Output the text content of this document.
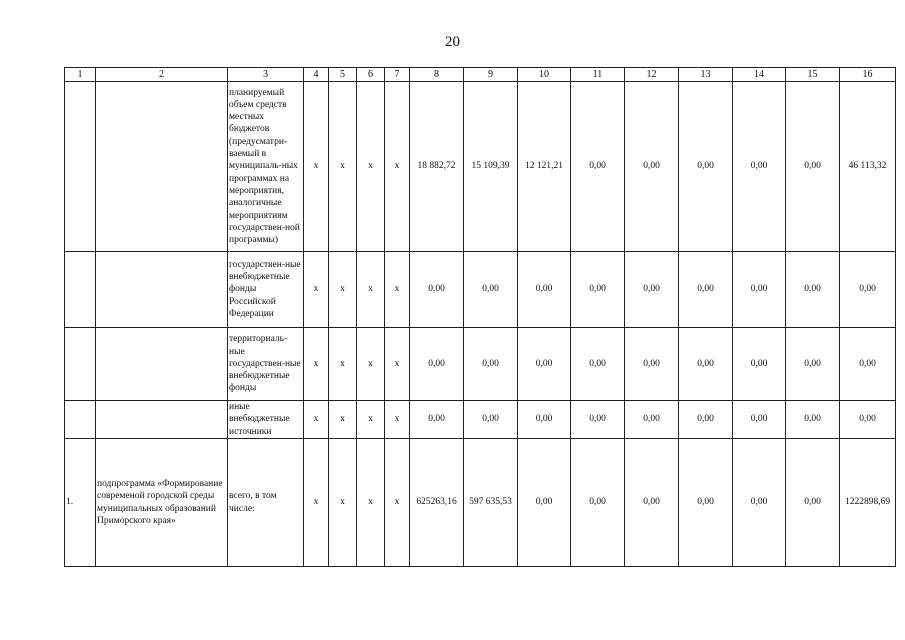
20
1	2	3	4	5	6	7	8	9	10	11	12	13	14	15	16
		планируемый объем средств местных бюджетов (предусматри-ваемый в муниципаль-ных программах на мероприятия, аналогичные мероприятиям государствен-ной программы)	x	x	x	x	18 882,72	15 109,39	12 121,21	0,00	0,00	0,00	0,00	0,00	46 113,32
		государствен-ные внебюджетные фонды Российской Федерации	x	x	x	x	0,00	0,00	0,00	0,00	0,00	0,00	0,00	0,00	0,00
		территориаль-ные государствен-ные внебюджетные фонды	x	x	x	x	0,00	0,00	0,00	0,00	0,00	0,00	0,00	0,00	0,00
		иные внебюджетные источники	x	x	x	x	0,00	0,00	0,00	0,00	0,00	0,00	0,00	0,00	0,00
1.	подпрограмма «Формирование современой городской среды муниципальных образований Приморского края»	всего, в том числе:	x	x	x	x	625263,16	597 635,53	0,00	0,00	0,00	0,00	0,00	0,00	1222898,69
